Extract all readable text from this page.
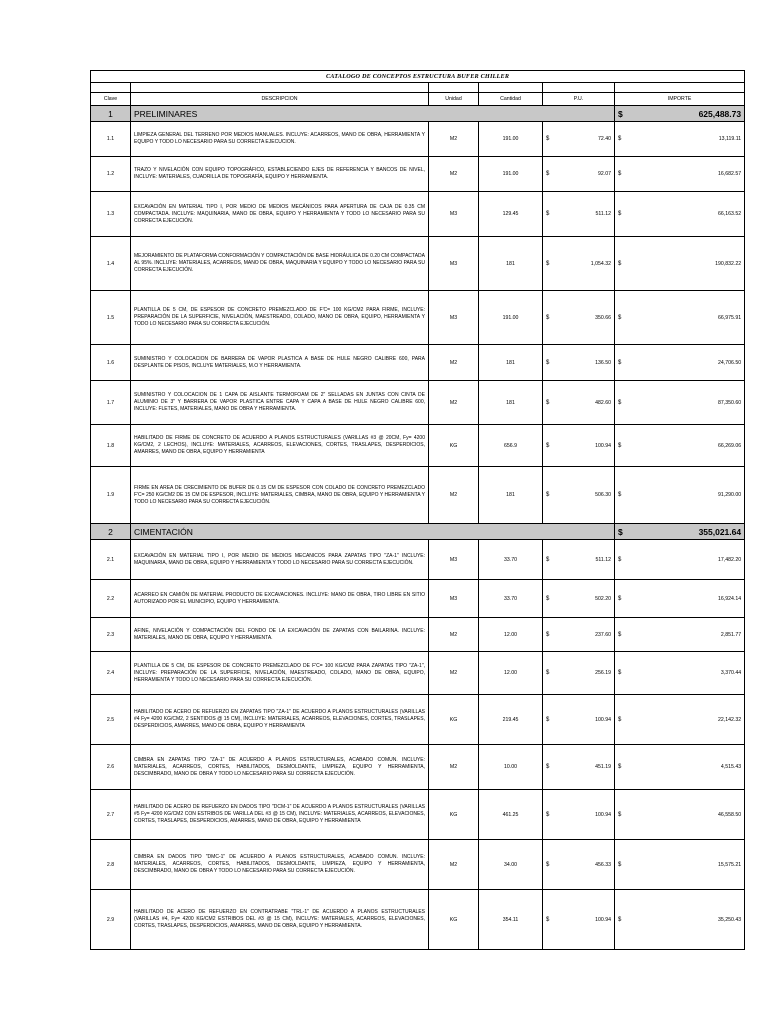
CATALOGO DE CONCEPTOS ESTRUCTURA BUFER CHILLER							

Clave	DESCRIPCION	Unidad	Cantidad	P.U.		IMPORTE	
1	PRELIMINARES					$	625,488.73
1.1	LIMPIEZA GENERAL DEL TERRENO POR MEDIOS MANUALES. INCLUYE: ACARREOS, MANO DE OBRA, HERRAMIENTA Y EQUIPO Y TODO LO NECESARIO PARA SU CORRECTA EJECUCION.	M2	191.00	$	72.40	$	13,119.11
1.2	TRAZO Y NIVELACIÓN CON EQUIPO TOPOGRÁFICO, ESTABLECIENDO EJES DE REFERENCIA Y BANCOS DE NIVEL, INCLUYE: MATERIALES, CUADRILLA DE TOPOGRAFÍA, EQUIPO Y HERRAMIENTA.	M2	191.00	$	92.07	$	16,682.57
1.3	EXCAVACIÓN EN MATERIAL TIPO I, POR MEDIO DE MEDIOS MECÁNICOS PARA APERTURA DE CAJA DE 0.35 CM COMPACTADA. INCLUYE: MAQUINARIA, MANO DE OBRA, EQUIPO Y HERRAMIENTA Y TODO LO NECESARIO PARA SU CORRECTA EJECUCIÓN.	M3	129.45	$	511.12	$	66,163.52
1.4	MEJORAMIENTO DE PLATAFORMA CONFORMACIÓN Y COMPACTACIÓN DE BASE HIDRÁULICA DE 0.20 CM COMPACTADA AL 95%. INCLUYE: MATERIALES, ACARREOS, MANO DE OBRA, MAQUINARIA Y EQUIPO Y TODO LO NECESARIO PARA SU CORRECTA EJECUCIÓN.	M3	181	$	1,054.32	$	190,832.22
1.5	PLANTILLA DE 5 CM, DE ESPESOR DE CONCRETO PREMEZCLADO DE F'C= 100 KG/CM2 PARA FIRME, INCLUYE: PREPARACIÓN DE LA SUPERFICIE, NIVELACIÓN, MAESTREADO, COLADO, MANO DE OBRA, EQUIPO, HERRAMIENTA Y TODO LO NECESARIO PARA SU CORRECTA EJECUCIÓN.	M3	191.00	$	350.66	$	66,975.91
1.6	SUMINISTRO Y COLOCACION DE BARRERA DE VAPOR PLASTICA A BASE DE HULE NEGRO CALIBRE 600, PARA DESPLANTE DE PISOS, INCLUYE MATERIALES, M.O Y HERRAMIENTA.	M2	181	$	136.50	$	24,706.50
1.7	SUMINISTRO Y COLOCACION DE 1 CAPA DE AISLANTE TERMOFOAM DE 2" SELLADAS EN JUNTAS CON CINTA DE ALUMINIO DE 3" Y BARRERA DE VAPOR PLASTICA ENTRE CAPA Y CAPA A BASE DE HULE NEGRO CALIBRE 600, INCLUYE: FLETES, MATERIALES, MANO DE OBRA Y HERRAMIENTA.	M2	181	$	482.60	$	87,350.60
1.8	HABILITADO DE FIRME DE CONCRETO DE ACUERDO A PLANOS ESTRUCTURALES (VARILLAS #3 @ 20CM, Fy= 4200 KG/CM2, 2 LECHOS), INCLUYE: MATERIALES, ACARREOS, ELEVACIONES, CORTES, TRASLAPES, DESPERDICIOS, AMARRES, MANO DE OBRA, EQUIPO Y HERRAMIENTA	KG	656.9	$	100.94	$	66,269.06
1.9	FIRME EN AREA DE CRECIMIENTO DE BUFER DE 0.15 CM DE ESPESOR CON COLADO DE CONCRETO PREMEZCLADO F'C= 250 KG/CM2 DE 15 CM DE ESPESOR, INCLUYE: MATERIALES, CIMBRA, MANO DE OBRA, EQUIPO Y HERRAMIENTA Y TODO LO NECESARIO PARA SU CORRECTA EJECUCIÓN.	M2	181	$	506.30	$	91,290.00
2	CIMENTACIÓN					$	355,021.64
2.1	EXCAVACIÓN EN MATERIAL TIPO I, POR MEDIO DE MEDIOS MECANICOS PARA ZAPATAS TIPO "ZA-1" INCLUYE: MAQUINARIA, MANO DE OBRA, EQUIPO Y HERRAMIENTA Y TODO LO NECESARIO PARA SU CORRECTA EJECUCIÓN.	M3	33.70	$	511.12	$	17,482.20
2.2	ACARREO EN CAMIÓN DE MATERIAL PRODUCTO DE EXCAVACIONES. INCLUYE: MANO DE OBRA, TIRO LIBRE EN SITIO AUTORIZADO POR EL MUNICIPIO, EQUIPO Y HERRAMIENTA.	M3	33.70	$	502.20	$	16,924.14
2.3	AFINE, NIVELACIÓN Y COMPACTACIÓN DEL FONDO DE LA EXCAVACIÓN DE ZAPATAS CON BAILARINA. INCLUYE: MATERIALES, MANO DE OBRA, EQUIPO Y HERRAMIENTA.	M2	12.00	$	237.60	$	2,851.77
2.4	PLANTILLA DE 5 CM, DE ESPESOR DE CONCRETO PREMEZCLADO DE F'C= 100 KG/CM2 PARA ZAPATAS TIPO "ZA-1", INCLUYE: PREPARACIÓN DE LA SUPERFICIE, NIVELACIÓN, MAESTREADO, COLADO, MANO DE OBRA, EQUIPO, HERRAMIENTA Y TODO LO NECESARIO PARA SU CORRECTA EJECUCIÓN.	M2	12.00	$	256.19	$	3,370.44
2.5	HABILITADO DE ACERO DE REFUERZO EN ZAPATAS TIPO "ZA-1" DE ACUERDO A PLANOS ESTRUCTURALES (VARILLAS #4 Fy= 4200 KG/CM2, 2 SENTIDOS @ 15 CM), INCLUYE: MATERIALES, ACARREOS, ELEVACIONES, CORTES, TRASLAPES, DESPERDICIOS, AMARRES, MANO DE OBRA, EQUIPO Y HERRAMIENTA	KG	219.45	$	100.94	$	22,142.32
2.6	CIMBRA EN ZAPATAS TIPO "ZA-1" DE ACUERDO A PLANOS ESTRUCTURALES, ACABADO COMUN. INCLUYE: MATERIALES, ACARREOS, CORTES, HABILITADOS, DESMOLDANTE, LIMPIEZA, EQUIPO Y HERRAMIENTA, DESCIMBRADO, MANO DE OBRA Y TODO LO NECESARIO PARA SU CORRECTA EJECUCIÓN.	M2	10.00	$	451.19	$	4,515.43
2.7	HABILITADO DE ACERO DE REFUERZO EN DADOS TIPO "DCM-1" DE ACUERDO A PLANOS ESTRUCTURALES (VARILLAS #5 Fy= 4200 KG/CM2 CON ESTRIBOS DE VARILLA DEL #3 @ 15 CM), INCLUYE: MATERIALES, ACARREOS, ELEVACIONES, CORTES, TRASLAPES, DESPERDICIOS, AMARRES, MANO DE OBRA, EQUIPO Y HERRAMIENTA	KG	461.25	$	100.94	$	46,558.50
2.8	CIMBRA EN DADOS TIPO "DMC-1" DE ACUERDO A PLANOS ESTRUCTURALES, ACABADO COMUN. INCLUYE: MATERIALES, ACARREOS, CORTES, HABILITADOS, DESMOLDANTE, LIMPIEZA, EQUIPO Y HERRAMIENTA, DESCIMBRADO, MANO DE OBRA Y TODO LO NECESARIO PARA SU CORRECTA EJECUCIÓN.	M2	34.00	$	456.33	$	15,575.21
2.9	HABILITADO DE ACERO DE REFUERZO EN CONTRATRABE "TRL-1" DE ACUERDO A PLANOS ESTRUCTURALES (VARILLAS #4, Fy= 4200 KG/CM2 ESTRIBOS DEL #3 @ 15 CM), INCLUYE: MATERIALES, ACARREOS, ELEVACIONES, CORTES, TRASLAPES, DESPERDICIOS, AMARRES, MANO DE OBRA, EQUIPO Y HERRAMIENTA.	KG	354.11	$	100.94	$	35,250.43
